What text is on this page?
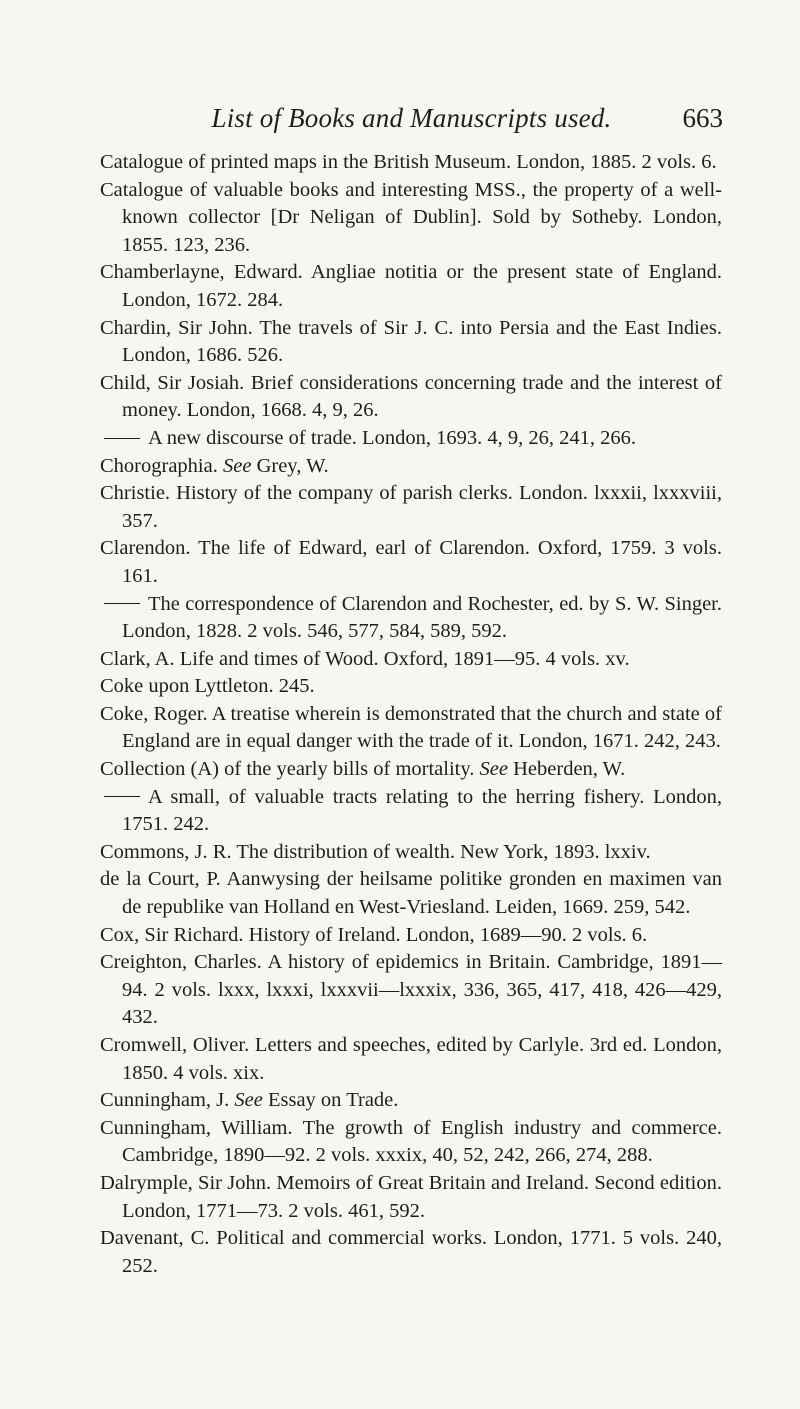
List of Books and Manuscripts used.	663

Catalogue of printed maps in the British Museum. London, 1885. 2 vols. 6.

Catalogue of valuable books and interesting MSS., the property of a well-known collector [Dr Neligan of Dublin]. Sold by Sotheby. London, 1855. 123, 236.

Chamberlayne, Edward. Angliae notitia or the present state of England. London, 1672. 284.

Chardin, Sir John. The travels of Sir J. C. into Persia and the East Indies. London, 1686. 526.

Child, Sir Josiah. Brief considerations concerning trade and the interest of money. London, 1668. 4, 9, 26.

A new discourse of trade. London, 1693. 4, 9, 26, 241, 266.

Chorographia. See Grey, W.

Christie. History of the company of parish clerks. London. lxxxii, lxxxviii, 357.

Clarendon. The life of Edward, earl of Clarendon. Oxford, 1759. 3 vols. 161.

The correspondence of Clarendon and Rochester, ed. by S. W. Singer. London, 1828. 2 vols. 546, 577, 584, 589, 592.

Clark, A. Life and times of Wood. Oxford, 1891—95. 4 vols. xv.

Coke upon Lyttleton. 245.

Coke, Roger. A treatise wherein is demonstrated that the church and state of England are in equal danger with the trade of it. London, 1671. 242, 243.

Collection (A) of the yearly bills of mortality. See Heberden, W.

A small, of valuable tracts relating to the herring fishery. London, 1751. 242.

Commons, J. R. The distribution of wealth. New York, 1893. lxxiv.

de la Court, P. Aanwysing der heilsame politike gronden en maximen van de republike van Holland en West-Vriesland. Leiden, 1669. 259, 542.

Cox, Sir Richard. History of Ireland. London, 1689—90. 2 vols. 6.

Creighton, Charles. A history of epidemics in Britain. Cambridge, 1891—94. 2 vols. lxxx, lxxxi, lxxxvii—lxxxix, 336, 365, 417, 418, 426—429, 432.

Cromwell, Oliver. Letters and speeches, edited by Carlyle. 3rd ed. London, 1850. 4 vols. xix.

Cunningham, J. See Essay on Trade.

Cunningham, William. The growth of English industry and commerce. Cambridge, 1890—92. 2 vols. xxxix, 40, 52, 242, 266, 274, 288.

Dalrymple, Sir John. Memoirs of Great Britain and Ireland. Second edition. London, 1771—73. 2 vols. 461, 592.

Davenant, C. Political and commercial works. London, 1771. 5 vols. 240, 252.
